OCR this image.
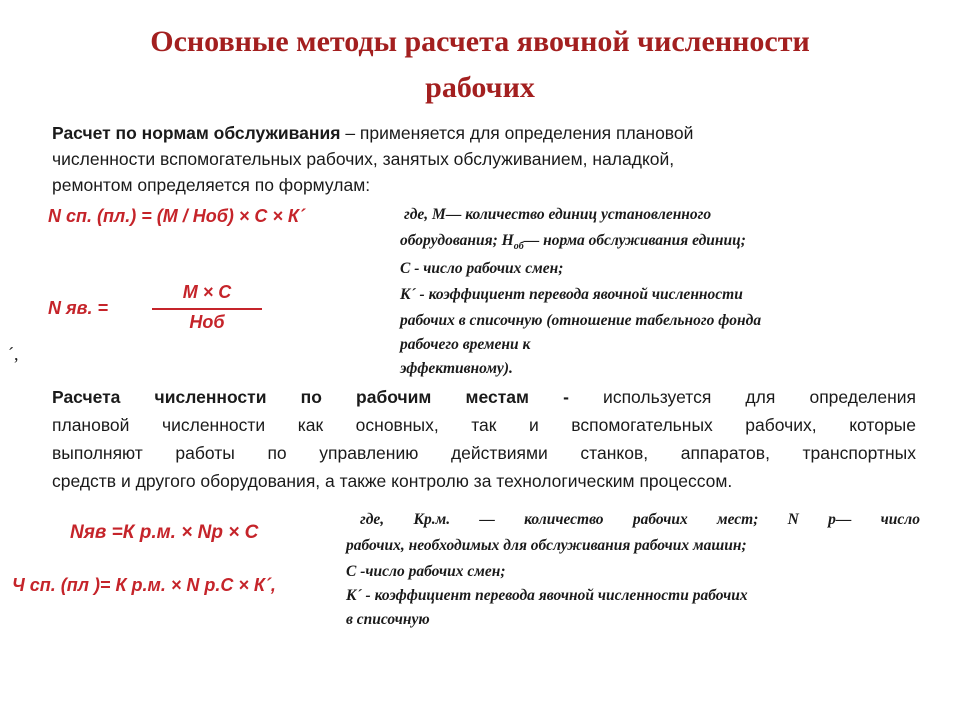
Основные методы расчета явочной численности
рабочих
Расчет по нормам обслуживания – применяется для определения плановой
численности вспомогательных рабочих, занятых обслуживанием, наладкой,
ремонтом определяется по формулам:
N сп. (пл.) = (М / Ноб) × С × К´
N яв. =
М × С
Ноб
´,
где, М— количество единиц установленного
оборудования; $Н_{об}—$ норма обслуживания единиц;
С - число рабочих смен;
К´ - коэффициент перевода явочной численности
рабочих в списочную (отношение табельного фонда
рабочего времени к
эффективному).
Расчета численности по рабочим местам - используется для определения
плановой численности как основных, так и вспомогательных рабочих, которые
выполняют работы по управлению действиями станков, аппаратов, транспортных
средств и другого оборудования, а также контролю за технологическим процессом.
Nяв =К р.м. × Nр × С
Ч сп. (пл )= К р.м. × N р.С × К´,
где, Кр.м. — количество рабочих мест; N р— число
рабочих, необходимых для обслуживания рабочих машин;
С -число рабочих смен;
К´ - коэффициент перевода явочной численности рабочих
в списочную
